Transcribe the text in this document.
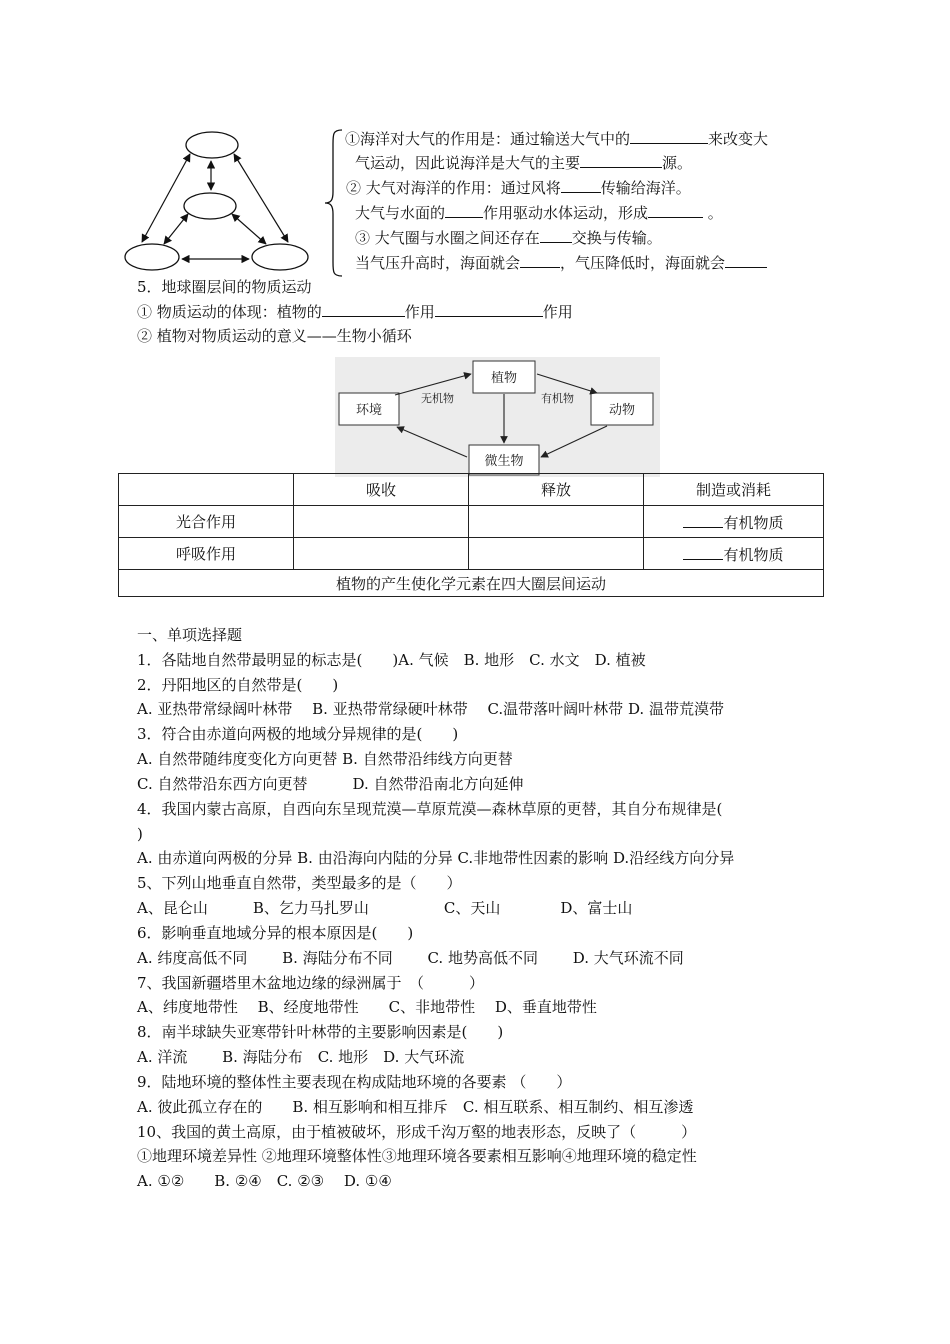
①海洋对大气的作用是：通过输送大气中的	来改变大
气运动，因此说海洋是大气的主要	源。
② 大气对海洋的作用：通过风将	传输给海洋。
大气与水面的	作用驱动水体运动，形成	。
③ 大气圈与水圈之间还存在 交换与传输。
当气压升高时，海面就会	，气压降低时，海面就会
5．地球圈层间的物质运动
① 物质运动的体现：植物的	作用	作用
② 植物对物质运动的意义——生物小循环
植物
环境	动物
微生物
无机物	有机物
	吸收	释放	制造或消耗
光合作用			有机物质
呼吸作用			有机物质
植物的产生使化学元素在四大圈层间运动			
一、单项选择题
1．各陆地自然带最明显的标志是(　　)A. 气候　B. 地形　C. 水文　D. 植被
2．丹阳地区的自然带是(　　)
A. 亚热带常绿阔叶林带　 B. 亚热带常绿硬叶林带　 C.温带落叶阔叶林带 D. 温带荒漠带
3．符合由赤道向两极的地域分异规律的是(　　)
A. 自然带随纬度变化方向更替 B. 自然带沿纬线方向更替
C. 自然带沿东西方向更替　　　D. 自然带沿南北方向延伸
4．我国内蒙古高原，自西向东呈现荒漠—草原荒漠—森林草原的更替，其自分布规律是(
)
A. 由赤道向两极的分异 B. 由沿海向内陆的分异 C.非地带性因素的影响 D.沿经线方向分异
5、下列山地垂直自然带，类型最多的是（　　）
A、昆仑山　　　B、乞力马扎罗山　　　　　C、天山　　　　D、富士山
6．影响垂直地域分异的根本原因是(　　)
A. 纬度高低不同　　 B. 海陆分布不同　　 C. 地势高低不同　　 D. 大气环流不同
7、我国新疆塔里木盆地边缘的绿洲属于　（　　　）
A、纬度地带性　 B、经度地带性　　C、非地带性　 D、垂直地带性
8．南半球缺失亚寒带针叶林带的主要影响因素是(　　)
A. 洋流　　 B. 海陆分布　C. 地形　D. 大气环流
9．陆地环境的整体性主要表现在构成陆地环境的各要素 （　　）
A. 彼此孤立存在的　　B. 相互影响和相互排斥　C. 相互联系、相互制约、相互渗透
10、我国的黄土高原，由于植被破坏，形成千沟万壑的地表形态，反映了（　　　）
①地理环境差异性 ②地理环境整体性③地理环境各要素相互影响④地理环境的稳定性
A. ①②　　B. ②④　C. ②③　 D. ①④
